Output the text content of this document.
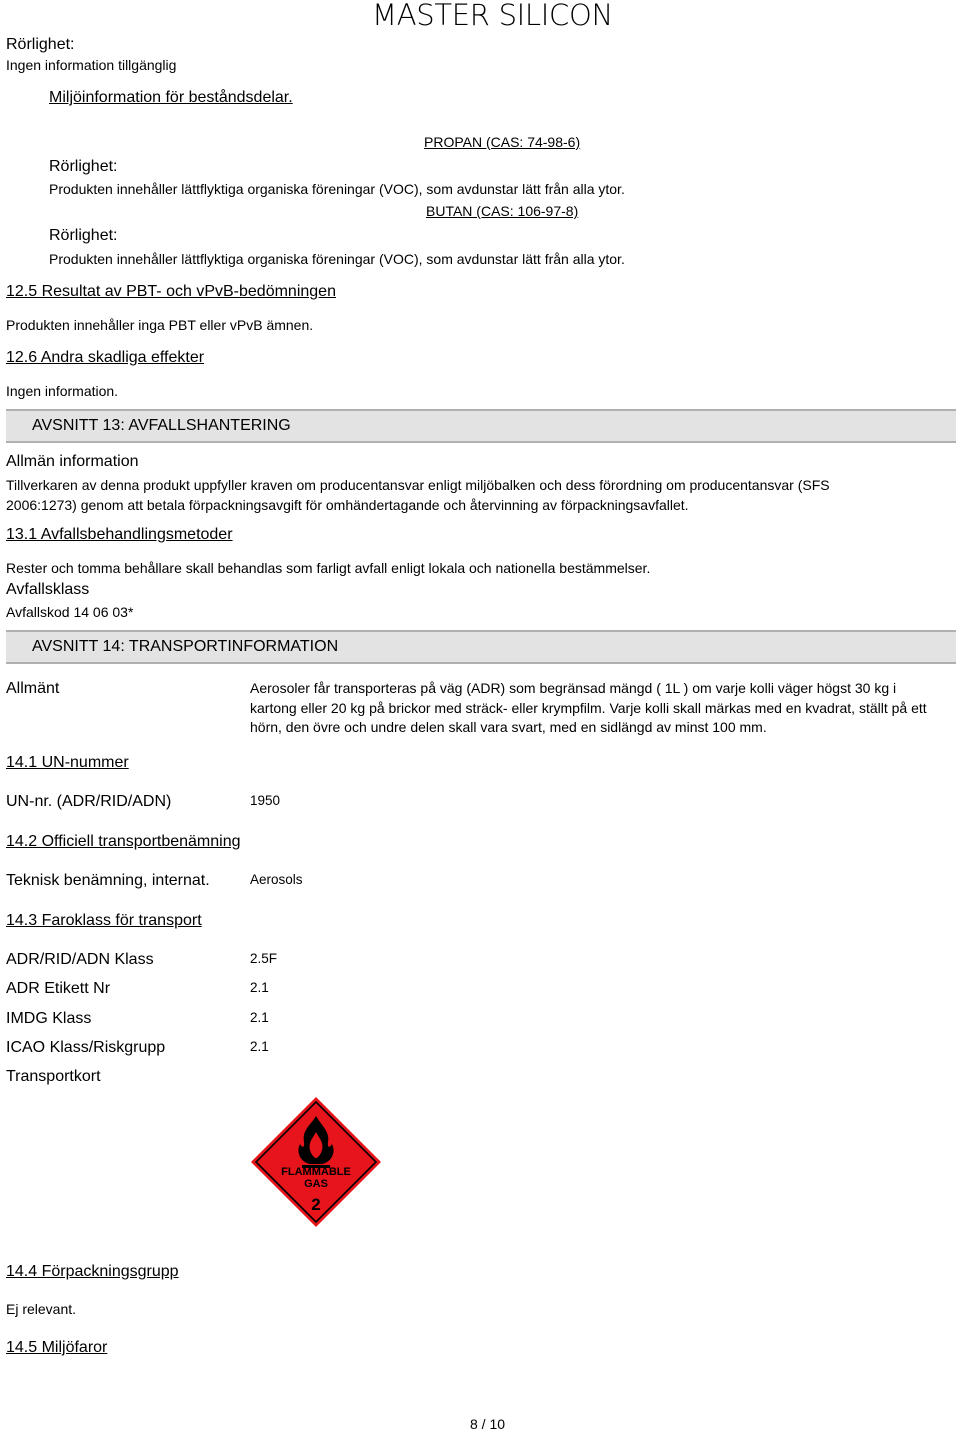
MASTER SILICON
Rörlighet:
Ingen information tillgänglig
Miljöinformation för beståndsdelar.
PROPAN (CAS: 74-98-6)
Rörlighet:
Produkten innehåller lättflyktiga organiska föreningar (VOC), som avdunstar lätt från alla ytor.
BUTAN (CAS: 106-97-8)
Rörlighet:
Produkten innehåller lättflyktiga organiska föreningar (VOC), som avdunstar lätt från alla ytor.
12.5 Resultat av PBT- och vPvB-bedömningen
Produkten innehåller inga PBT eller vPvB ämnen.
12.6 Andra skadliga effekter
Ingen information.
AVSNITT 13: AVFALLSHANTERING
Allmän information
Tillverkaren av denna produkt uppfyller kraven om producentansvar enligt miljöbalken och dess förordning om producentansvar (SFS 2006:1273) genom att betala förpackningsavgift för omhändertagande och återvinning av förpackningsavfallet.
13.1 Avfallsbehandlingsmetoder
Rester och tomma behållare skall behandlas som farligt avfall enligt lokala och nationella bestämmelser.
Avfallsklass
Avfallskod 14 06 03*
AVSNITT 14: TRANSPORTINFORMATION
Allmänt	Aerosoler får transporteras på väg (ADR) som begränsad mängd ( 1L ) om varje kolli väger högst 30 kg i kartong eller 20 kg på brickor med sträck- eller krympfilm. Varje kolli skall märkas med en kvadrat, ställt på ett hörn, den övre och undre delen skall vara svart, med en sidlängd av minst 100 mm.
14.1 UN-nummer
UN-nr. (ADR/RID/ADN)	1950
14.2 Officiell transportbenämning
Teknisk benämning, internat.	Aerosols
14.3 Faroklass för transport
ADR/RID/ADN Klass	2.5F
ADR Etikett Nr	2.1
IMDG Klass	2.1
ICAO Klass/Riskgrupp	2.1
Transportkort
FLAMMABLE
GAS
2
14.4 Förpackningsgrupp
Ej relevant.
14.5 Miljöfaror
8 / 10
